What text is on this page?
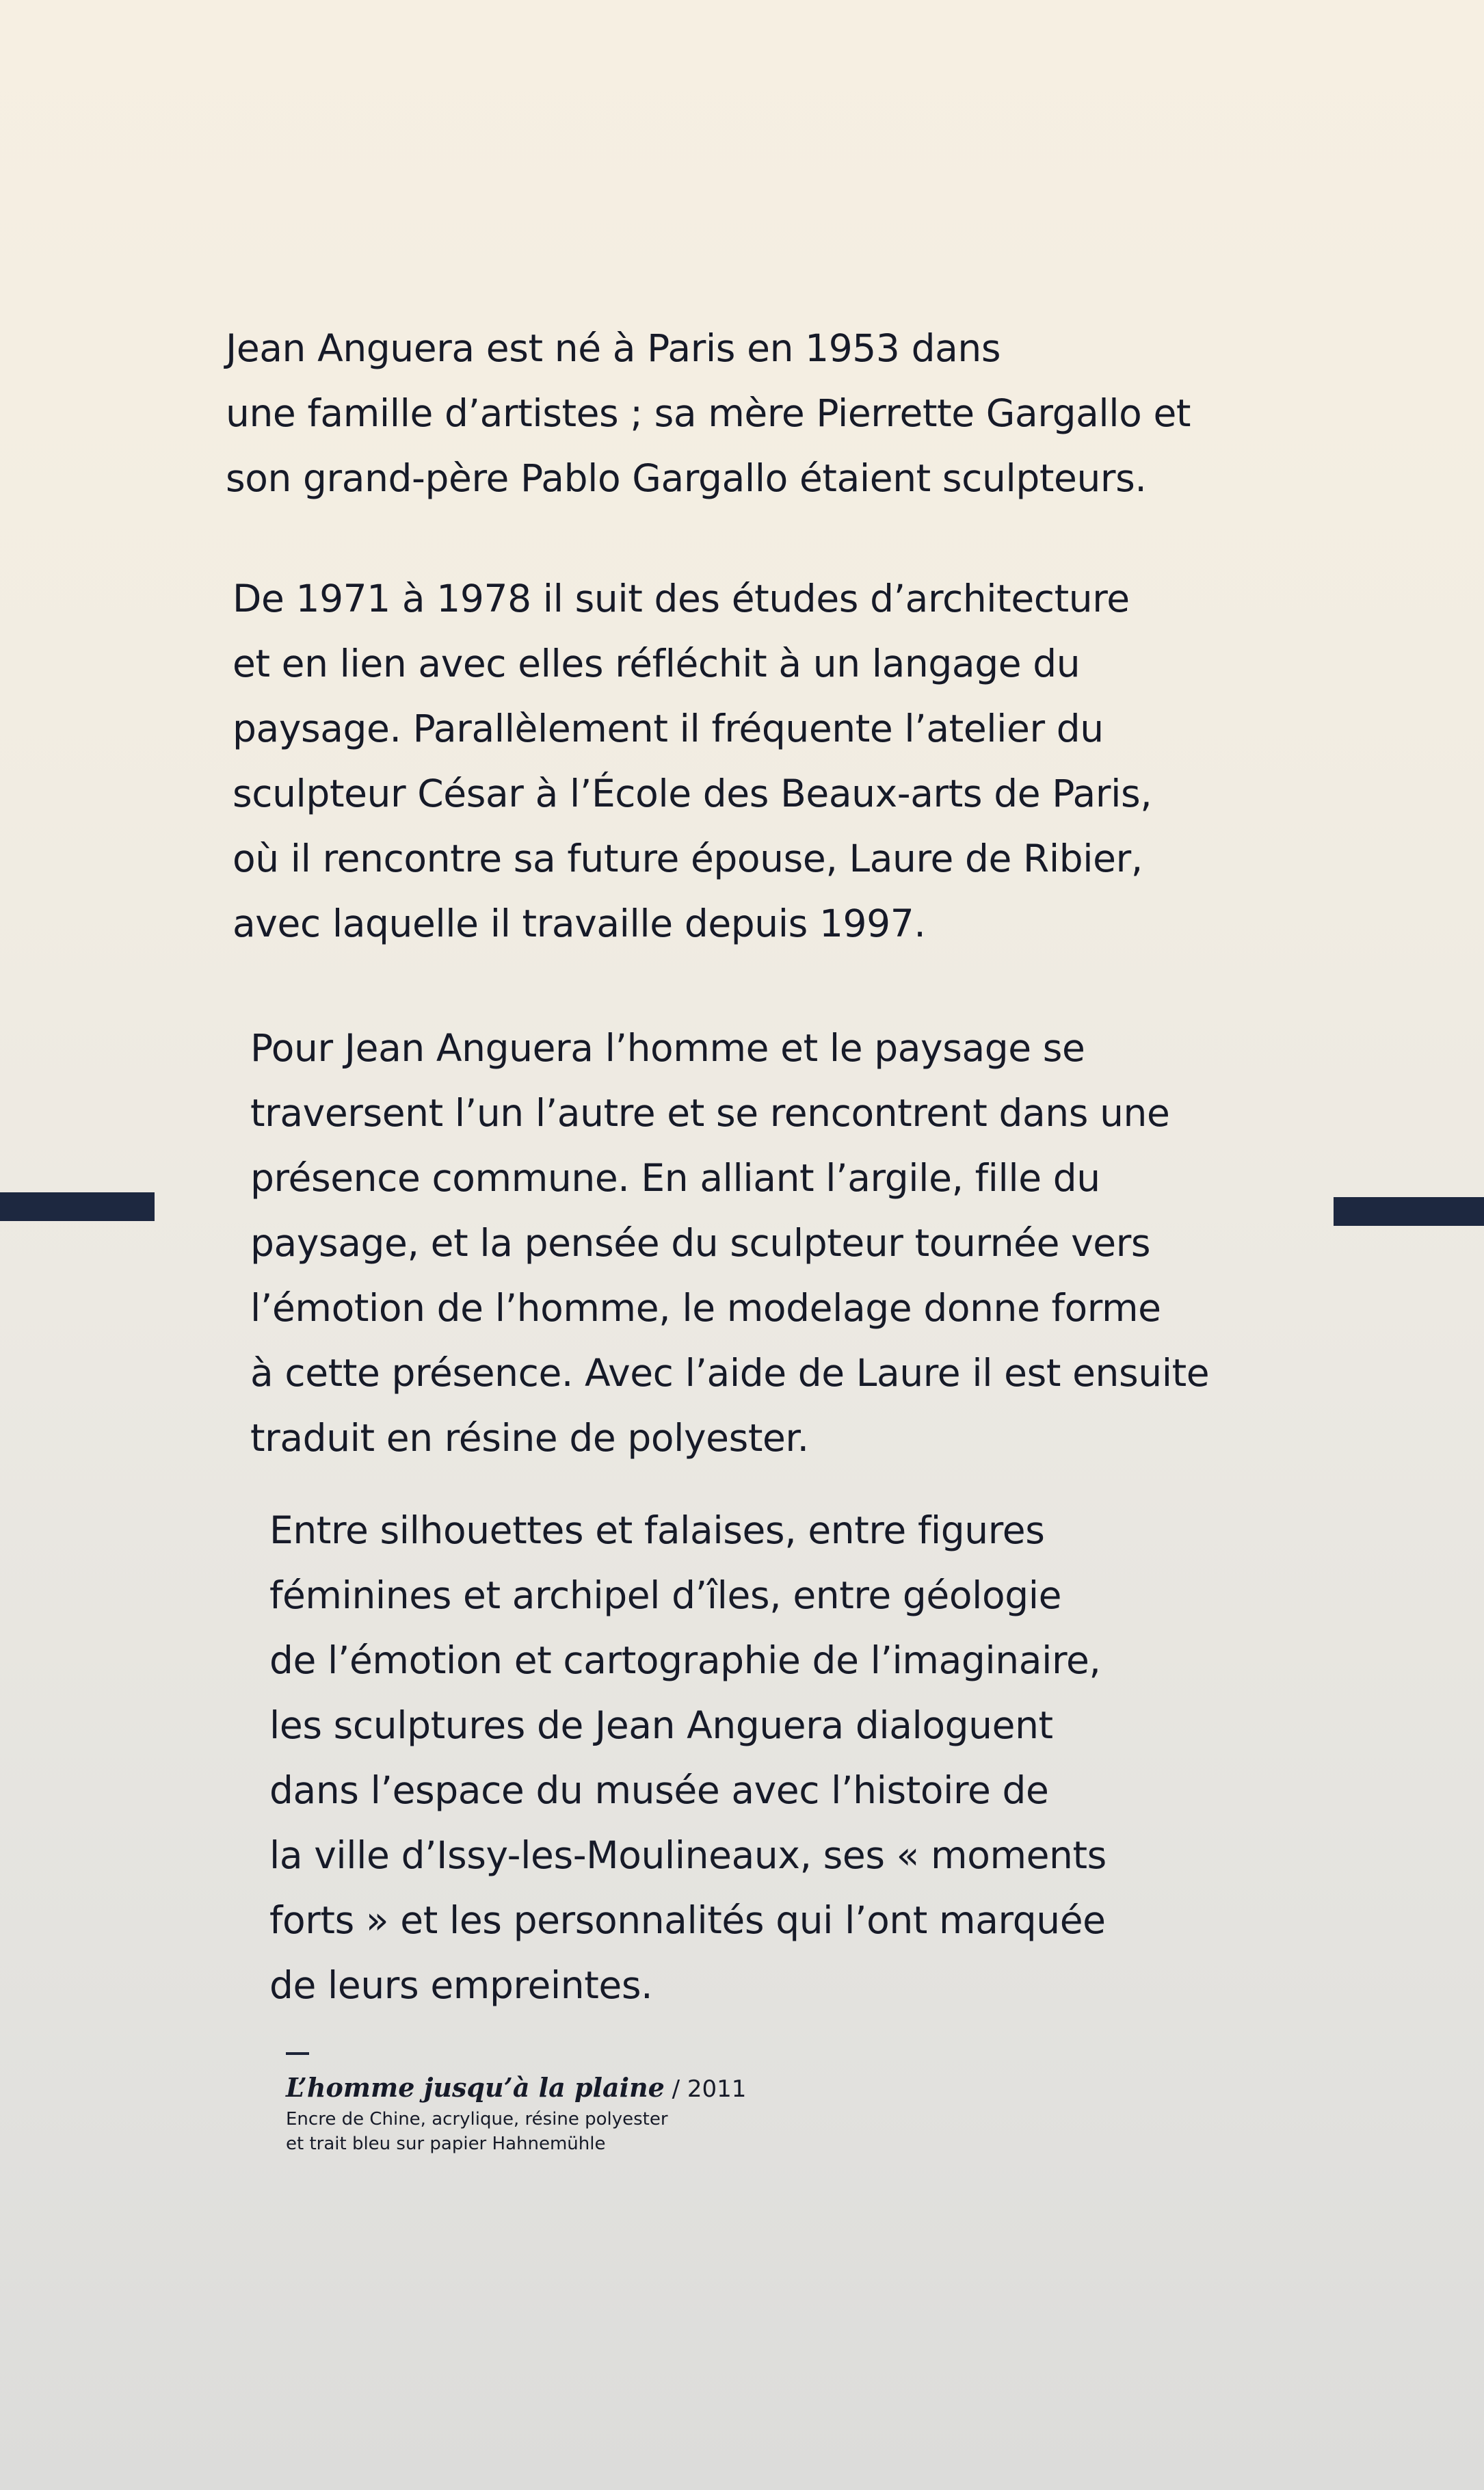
Jean Anguera est né à Paris en 1953 dans
une famille d’artistes ; sa mère Pierrette Gargallo et
son grand-père Pablo Gargallo étaient sculpteurs.

De 1971 à 1978 il suit des études d’architecture
et en lien avec elles réfléchit à un langage du
paysage. Parallèlement il fréquente l’atelier du
sculpteur César à l’École des Beaux-arts de Paris,
où il rencontre sa future épouse, Laure de Ribier,
avec laquelle il travaille depuis 1997.

Pour Jean Anguera l’homme et le paysage se
traversent l’un l’autre et se rencontrent dans une
présence commune. En alliant l’argile, fille du
paysage, et la pensée du sculpteur tournée vers
l’émotion de l’homme, le modelage donne forme
à cette présence. Avec l’aide de Laure il est ensuite
traduit en résine de polyester.

Entre silhouettes et falaises, entre figures
féminines et archipel d’îles, entre géologie
de l’émotion et cartographie de l’imaginaire,
les sculptures de Jean Anguera dialoguent
dans l’espace du musée avec l’histoire de
la ville d’Issy-les-Moulineaux, ses « moments
forts » et les personnalités qui l’ont marquée
de leurs empreintes.

L’homme jusqu’à la plaine / 2011
Encre de Chine, acrylique, résine polyester
et trait bleu sur papier Hahnemühle
